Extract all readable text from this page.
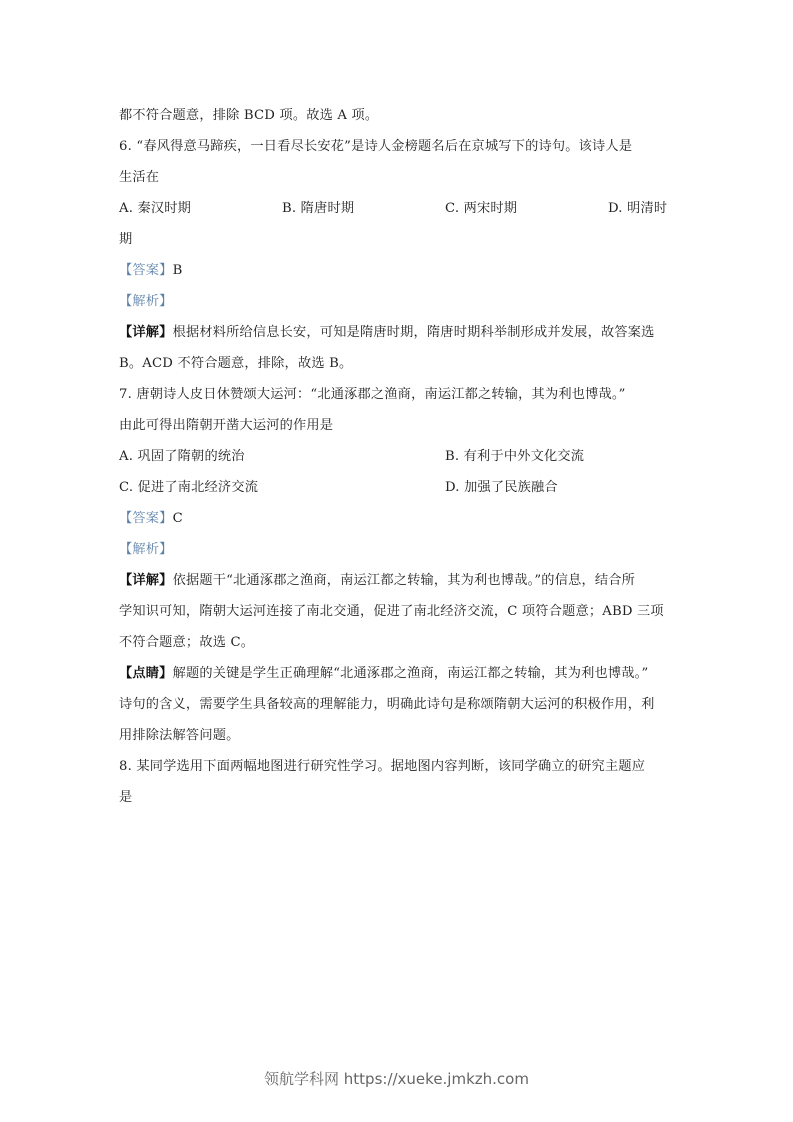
都不符合题意，排除 BCD 项。故选 A 项。
6. “春风得意马蹄疾，一日看尽长安花”是诗人金榜题名后在京城写下的诗句。该诗人是
生活在
A. 秦汉时期	B. 隋唐时期	C. 两宋时期	D. 明清时
期
【答案】B
【解析】
【详解】根据材料所给信息长安，可知是隋唐时期，隋唐时期科举制形成并发展，故答案选
B。ACD 不符合题意，排除，故选 B。
7. 唐朝诗人皮日休赞颂大运河：“北通涿郡之渔商，南运江都之转输，其为利也博哉。”
由此可得出隋朝开凿大运河的作用是
A. 巩固了隋朝的统治	B. 有利于中外文化交流
C. 促进了南北经济交流	D. 加强了民族融合
【答案】C
【解析】
【详解】依据题干“北通涿郡之渔商，南运江都之转输，其为利也博哉。”的信息，结合所
学知识可知，隋朝大运河连接了南北交通，促进了南北经济交流，C 项符合题意；ABD 三项
不符合题意；故选 C。
【点睛】解题的关键是学生正确理解“北通涿郡之渔商，南运江都之转输，其为利也博哉。”
诗句的含义，需要学生具备较高的理解能力，明确此诗句是称颂隋朝大运河的积极作用，利
用排除法解答问题。
8. 某同学选用下面两幅地图进行研究性学习。据地图内容判断，该同学确立的研究主题应
是
领航学科网 https://xueke.jmkzh.com
